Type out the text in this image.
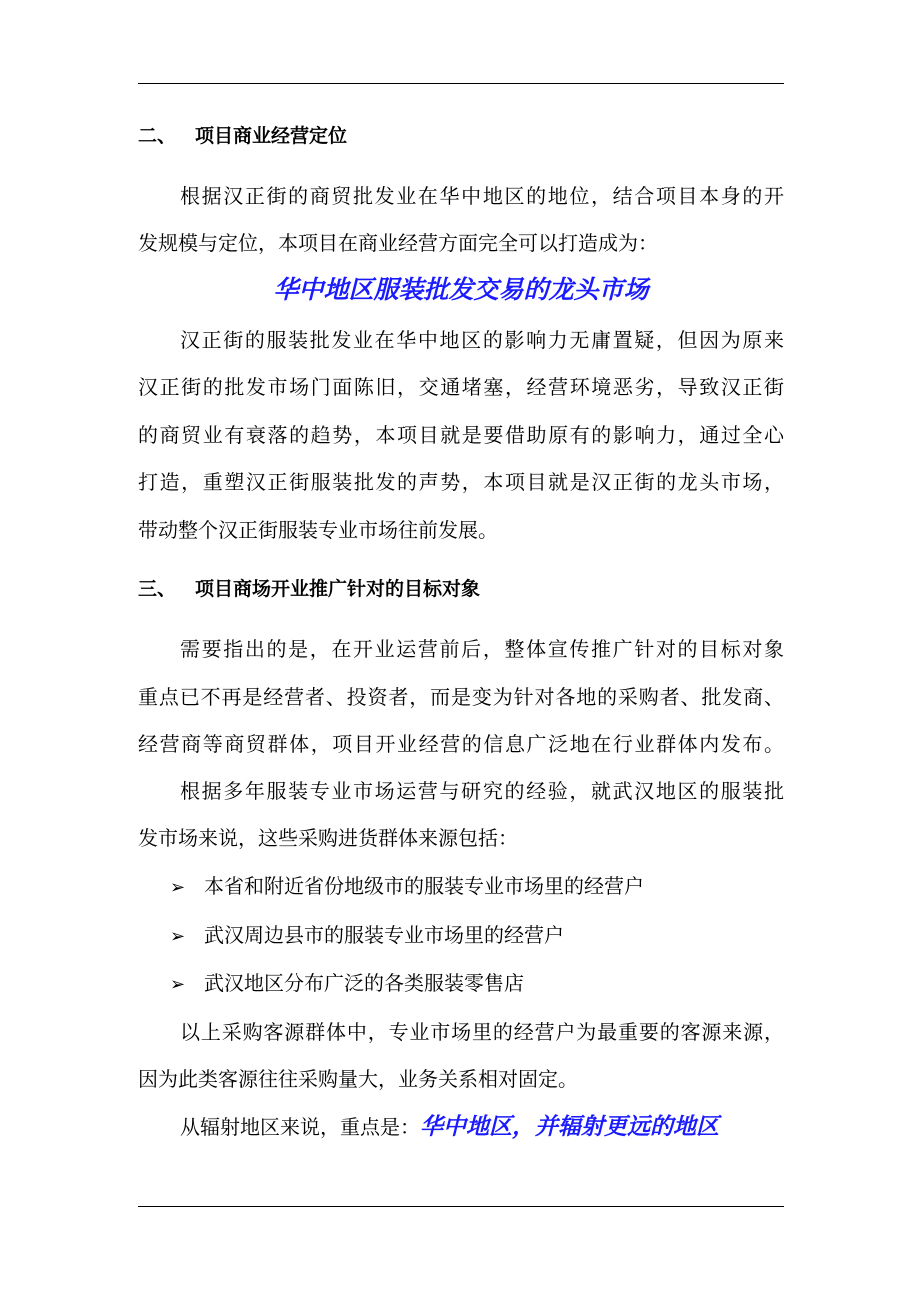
二、 项目商业经营定位
根据汉正街的商贸批发业在华中地区的地位，结合项目本身的开
发规模与定位，本项目在商业经营方面完全可以打造成为：
华中地区服装批发交易的龙头市场
汉正街的服装批发业在华中地区的影响力无庸置疑，但因为原来
汉正街的批发市场门面陈旧，交通堵塞，经营环境恶劣，导致汉正街
的商贸业有衰落的趋势，本项目就是要借助原有的影响力，通过全心
打造，重塑汉正街服装批发的声势，本项目就是汉正街的龙头市场，
带动整个汉正街服装专业市场往前发展。
三、 项目商场开业推广针对的目标对象
需要指出的是，在开业运营前后，整体宣传推广针对的目标对象
重点已不再是经营者、投资者，而是变为针对各地的采购者、批发商、
经营商等商贸群体，项目开业经营的信息广泛地在行业群体内发布。
根据多年服装专业市场运营与研究的经验，就武汉地区的服装批
发市场来说，这些采购进货群体来源包括：
➢ 本省和附近省份地级市的服装专业市场里的经营户
➢ 武汉周边县市的服装专业市场里的经营户
➢ 武汉地区分布广泛的各类服装零售店
以上采购客源群体中，专业市场里的经营户为最重要的客源来源，
因为此类客源往往采购量大，业务关系相对固定。
从辐射地区来说，重点是：华中地区，并辐射更远的地区
